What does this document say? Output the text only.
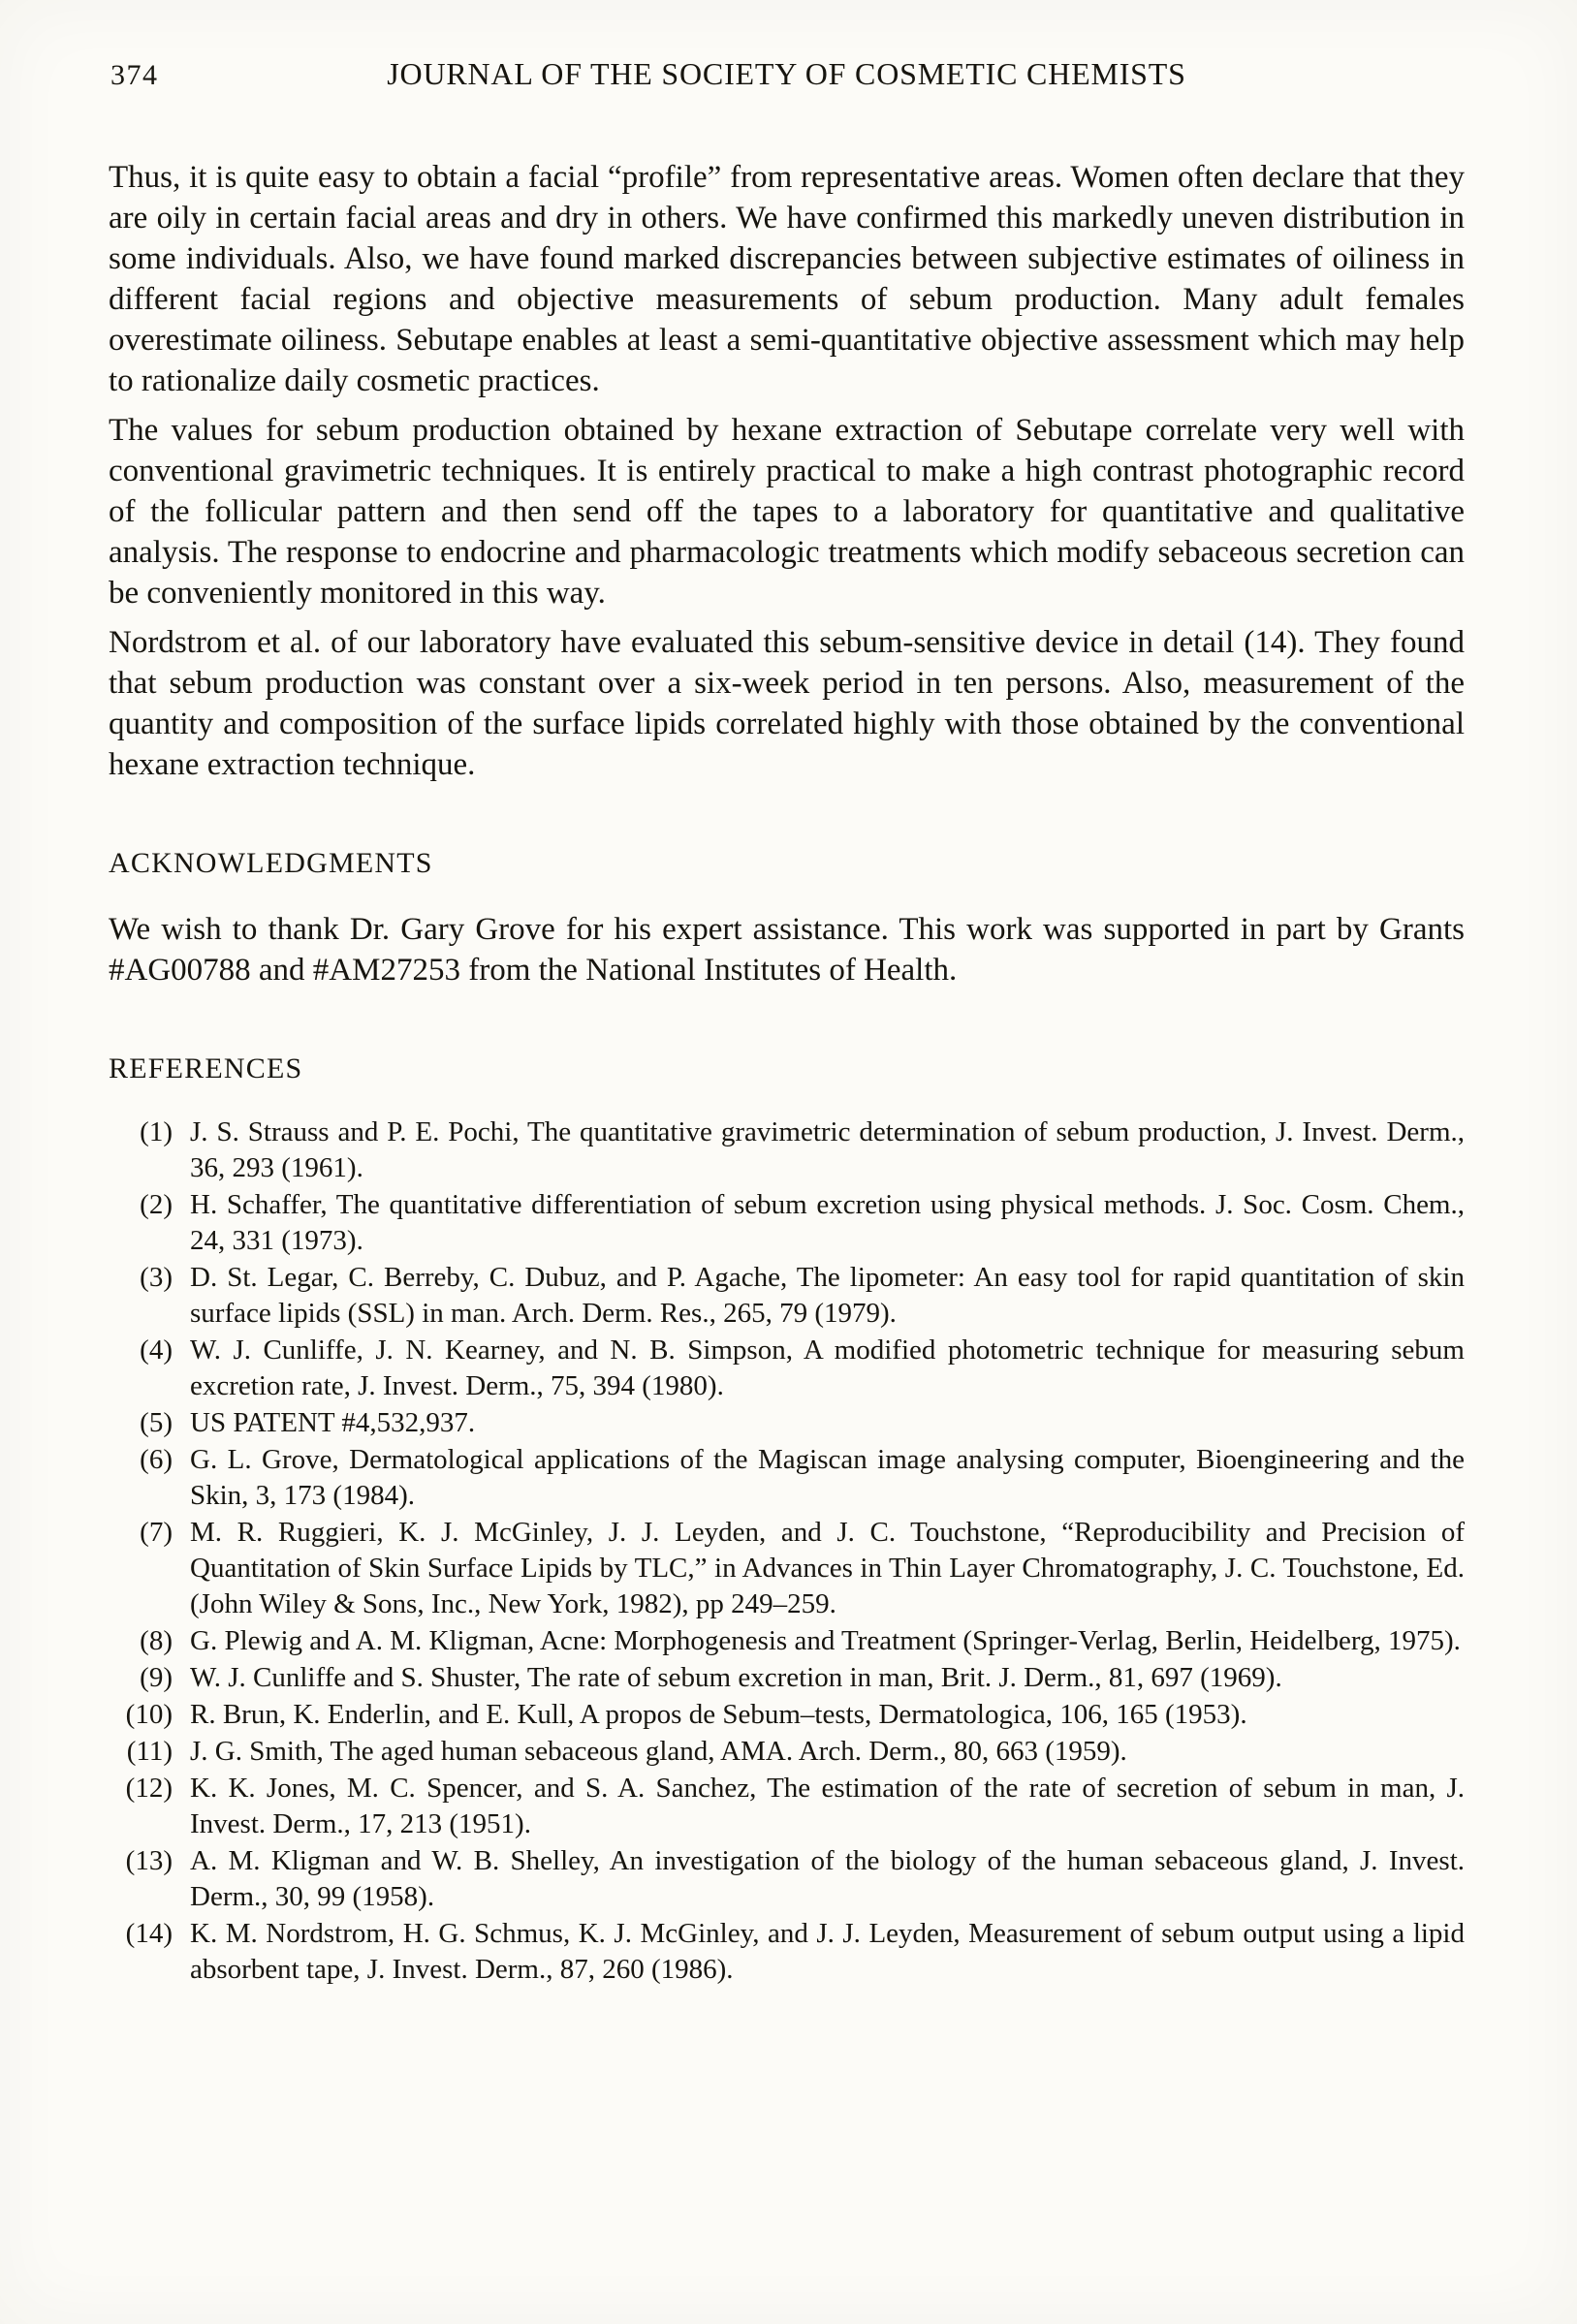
374	JOURNAL OF THE SOCIETY OF COSMETIC CHEMISTS

Thus, it is quite easy to obtain a facial “profile” from representative areas. Women often declare that they are oily in certain facial areas and dry in others. We have confirmed this markedly uneven distribution in some individuals. Also, we have found marked discrepancies between subjective estimates of oiliness in different facial regions and objective measurements of sebum production. Many adult females overestimate oiliness. Sebutape enables at least a semi-quantitative objective assessment which may help to rationalize daily cosmetic practices.

The values for sebum production obtained by hexane extraction of Sebutape correlate very well with conventional gravimetric techniques. It is entirely practical to make a high contrast photographic record of the follicular pattern and then send off the tapes to a laboratory for quantitative and qualitative analysis. The response to endocrine and pharmacologic treatments which modify sebaceous secretion can be conveniently monitored in this way.

Nordstrom et al. of our laboratory have evaluated this sebum-sensitive device in detail (14). They found that sebum production was constant over a six-week period in ten persons. Also, measurement of the quantity and composition of the surface lipids correlated highly with those obtained by the conventional hexane extraction technique.

ACKNOWLEDGMENTS

We wish to thank Dr. Gary Grove for his expert assistance. This work was supported in part by Grants #AG00788 and #AM27253 from the National Institutes of Health.

REFERENCES
(1) J. S. Strauss and P. E. Pochi, The quantitative gravimetric determination of sebum production, J. Invest. Derm., 36, 293 (1961).
(2) H. Schaffer, The quantitative differentiation of sebum excretion using physical methods. J. Soc. Cosm. Chem., 24, 331 (1973).
(3) D. St. Legar, C. Berreby, C. Dubuz, and P. Agache, The lipometer: An easy tool for rapid quantitation of skin surface lipids (SSL) in man. Arch. Derm. Res., 265, 79 (1979).
(4) W. J. Cunliffe, J. N. Kearney, and N. B. Simpson, A modified photometric technique for measuring sebum excretion rate, J. Invest. Derm., 75, 394 (1980).
(5) US PATENT #4,532,937.
(6) G. L. Grove, Dermatological applications of the Magiscan image analysing computer, Bioengineering and the Skin, 3, 173 (1984).
(7) M. R. Ruggieri, K. J. McGinley, J. J. Leyden, and J. C. Touchstone, “Reproducibility and Precision of Quantitation of Skin Surface Lipids by TLC,” in Advances in Thin Layer Chromatography, J. C. Touchstone, Ed. (John Wiley & Sons, Inc., New York, 1982), pp 249–259.
(8) G. Plewig and A. M. Kligman, Acne: Morphogenesis and Treatment (Springer-Verlag, Berlin, Heidelberg, 1975).
(9) W. J. Cunliffe and S. Shuster, The rate of sebum excretion in man, Brit. J. Derm., 81, 697 (1969).
(10) R. Brun, K. Enderlin, and E. Kull, A propos de Sebum–tests, Dermatologica, 106, 165 (1953).
(11) J. G. Smith, The aged human sebaceous gland, AMA. Arch. Derm., 80, 663 (1959).
(12) K. K. Jones, M. C. Spencer, and S. A. Sanchez, The estimation of the rate of secretion of sebum in man, J. Invest. Derm., 17, 213 (1951).
(13) A. M. Kligman and W. B. Shelley, An investigation of the biology of the human sebaceous gland, J. Invest. Derm., 30, 99 (1958).
(14) K. M. Nordstrom, H. G. Schmus, K. J. McGinley, and J. J. Leyden, Measurement of sebum output using a lipid absorbent tape, J. Invest. Derm., 87, 260 (1986).
